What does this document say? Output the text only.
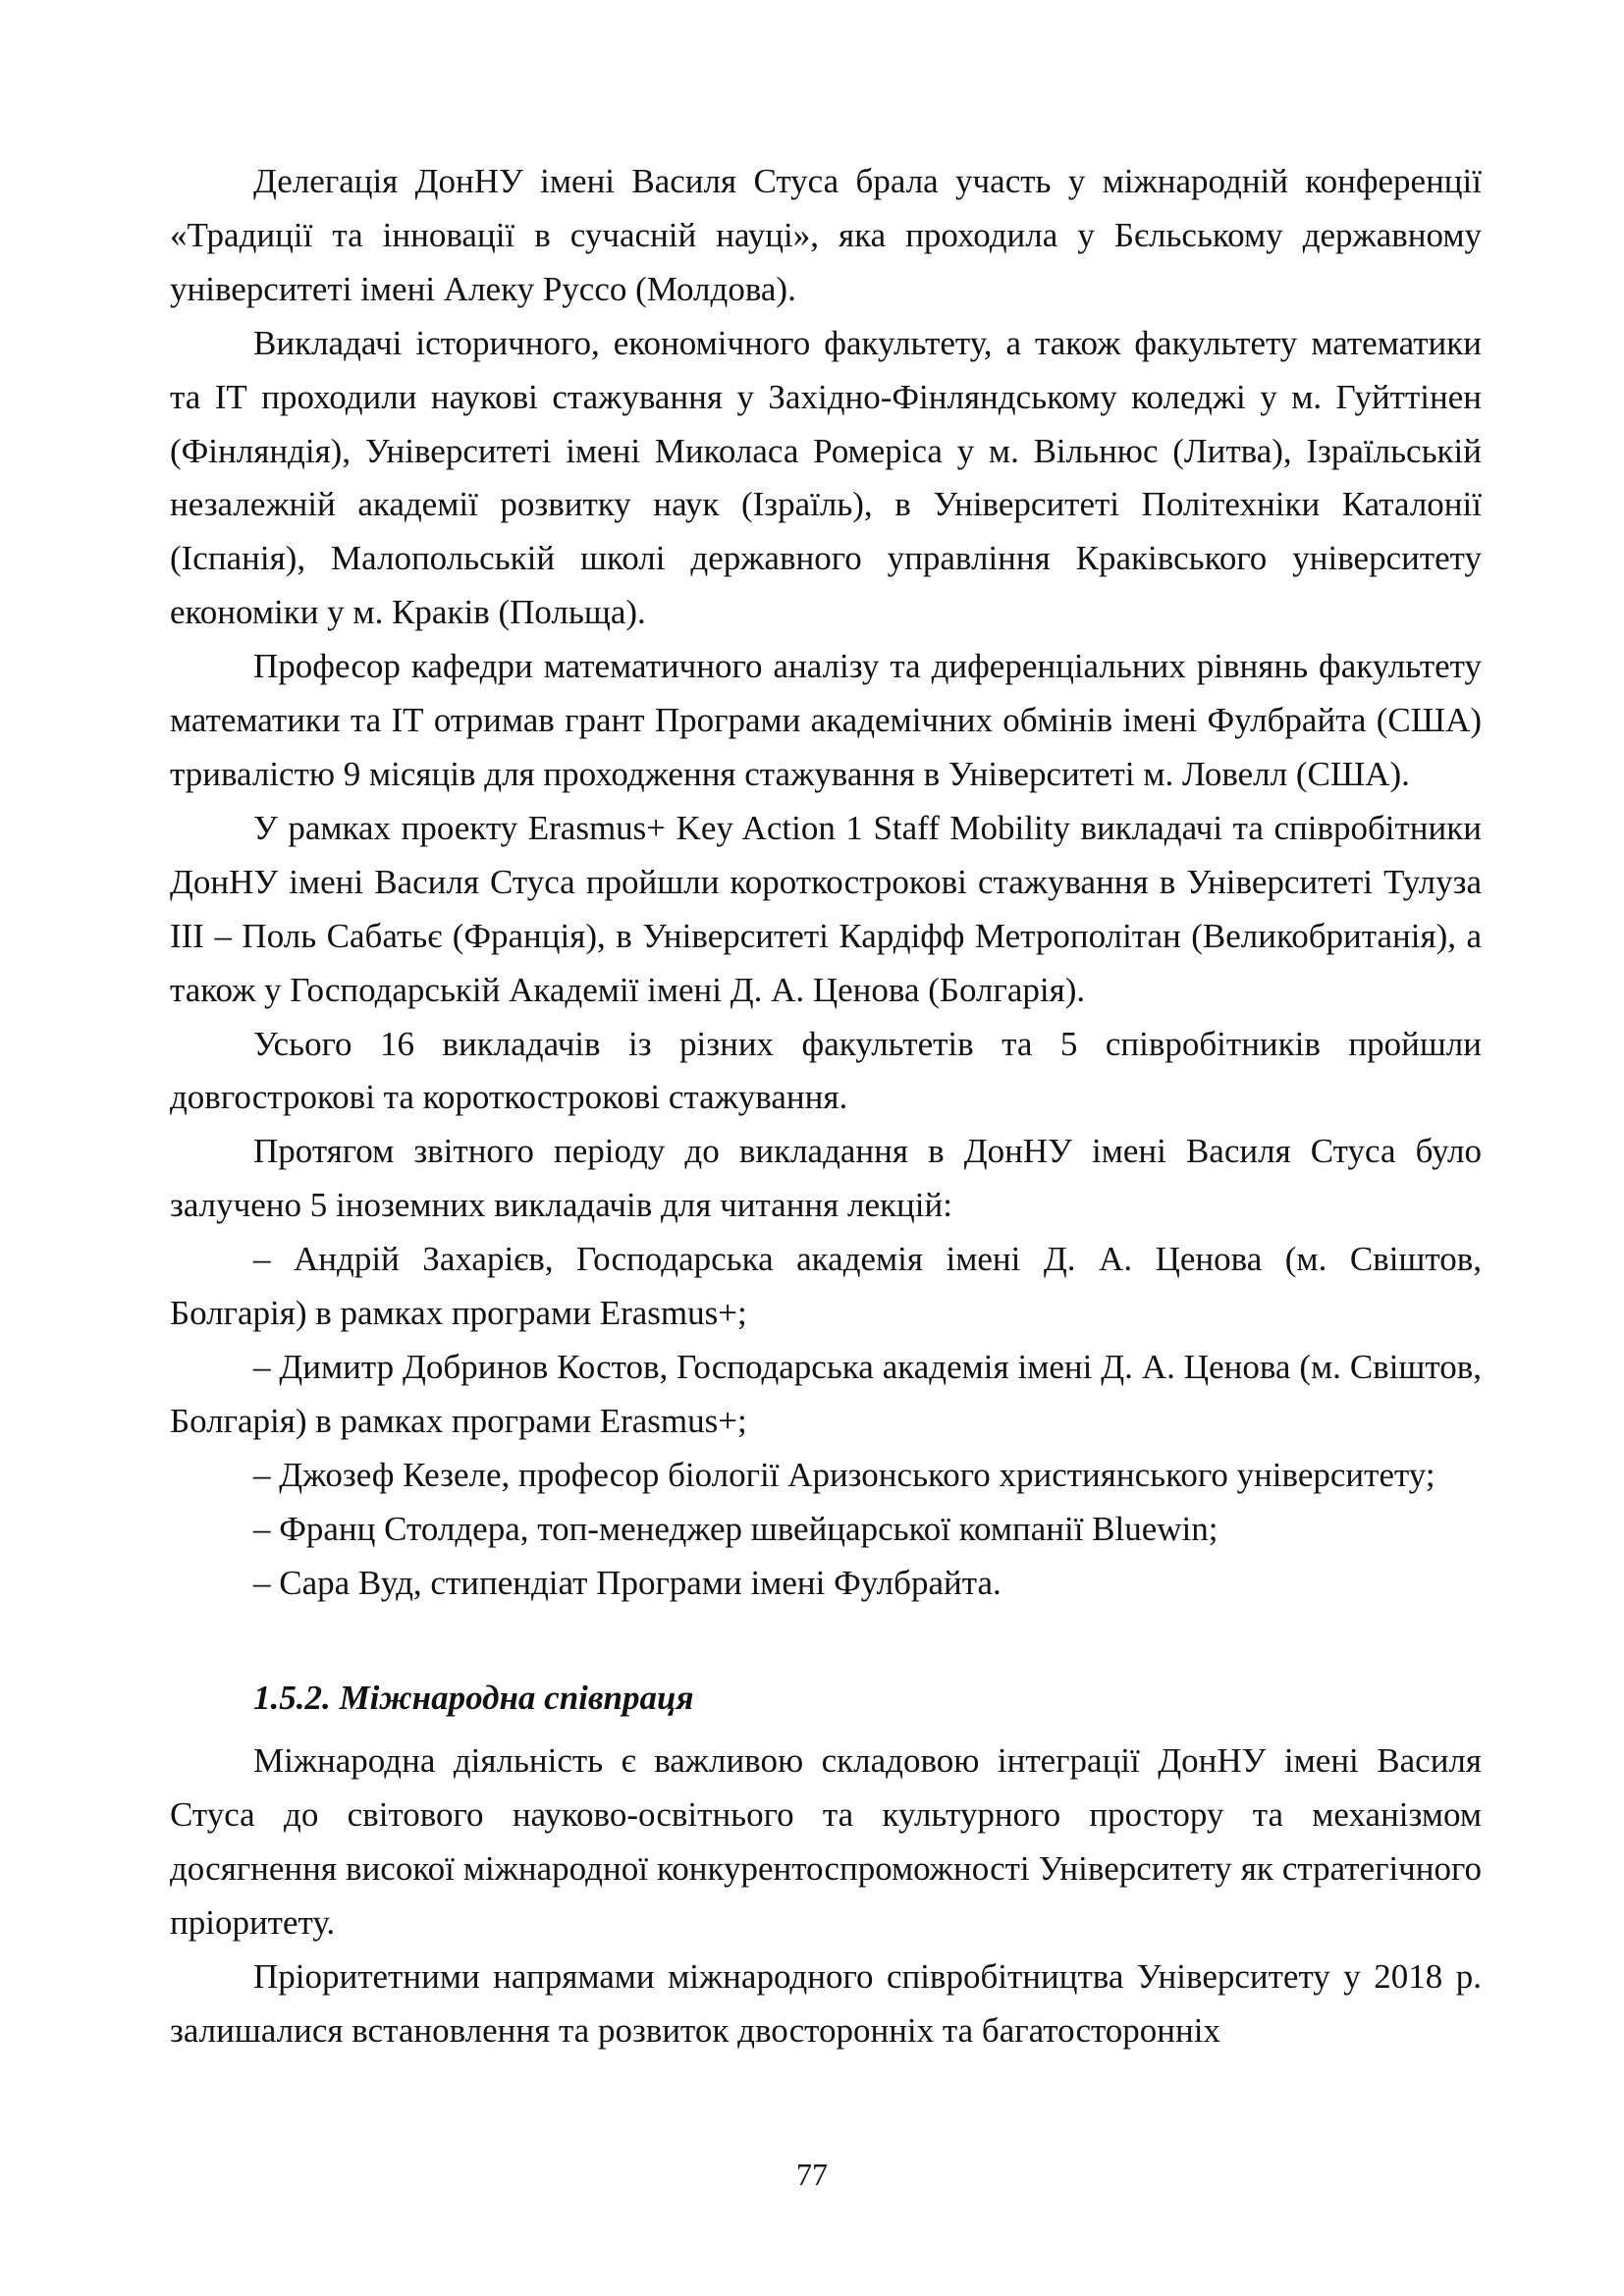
Делегація ДонНУ імені Василя Стуса брала участь у міжнародній конференції «Традиції та інновації в сучасній науці», яка проходила у Бєльському державному університеті імені Алеку Руссо (Молдова).

Викладачі історичного, економічного факультету, а також факультету математики та ІТ проходили наукові стажування у Західно-Фінляндському коледжі у м. Гуйттінен (Фінляндія), Університеті імені Миколаса Ромеріса у м. Вільнюс (Литва), Ізраїльській незалежній академії розвитку наук (Ізраїль), в Університеті Політехніки Каталонії (Іспанія), Малопольській школі державного управління Краківського університету економіки у м. Краків (Польща).

Професор кафедри математичного аналізу та диференціальних рівнянь факультету математики та ІТ отримав грант Програми академічних обмінів імені Фулбрайта (США) тривалістю 9 місяців для проходження стажування в Університеті м. Ловелл (США).

У рамках проекту Erasmus+ Key Action 1 Staff Mobility викладачі та співробітники ДонНУ імені Василя Стуса пройшли короткострокові стажування в Університеті Тулуза ІІІ – Поль Сабатьє (Франція), в Університеті Кардіфф Метрополітан (Великобританія), а також у Господарській Академії імені Д. А. Ценова (Болгарія).

Усього 16 викладачів із різних факультетів та 5 співробітників пройшли довгострокові та короткострокові стажування.

Протягом звітного періоду до викладання в ДонНУ імені Василя Стуса було залучено 5 іноземних викладачів для читання лекцій:

– Андрій Захарієв, Господарська академія імені Д. А. Ценова (м. Свіштов, Болгарія) в рамках програми Erasmus+;

– Димитр Добринов Костов, Господарська академія імені Д. А. Ценова (м. Свіштов, Болгарія) в рамках програми Erasmus+;

– Джозеф Кезеле, професор біології Аризонського християнського університету;

– Франц Столдера, топ-менеджер швейцарської компанії Bluewin;

– Сара Вуд, стипендіат Програми імені Фулбрайта.

1.5.2. Міжнародна співпраця

Міжнародна діяльність є важливою складовою інтеграції ДонНУ імені Василя Стуса до світового науково-освітнього та культурного простору та механізмом досягнення високої міжнародної конкурентоспроможності Університету як стратегічного пріоритету.

Пріоритетними напрямами міжнародного співробітництва Університету у 2018 р. залишалися встановлення та розвиток двосторонніх та багатосторонніх

77
